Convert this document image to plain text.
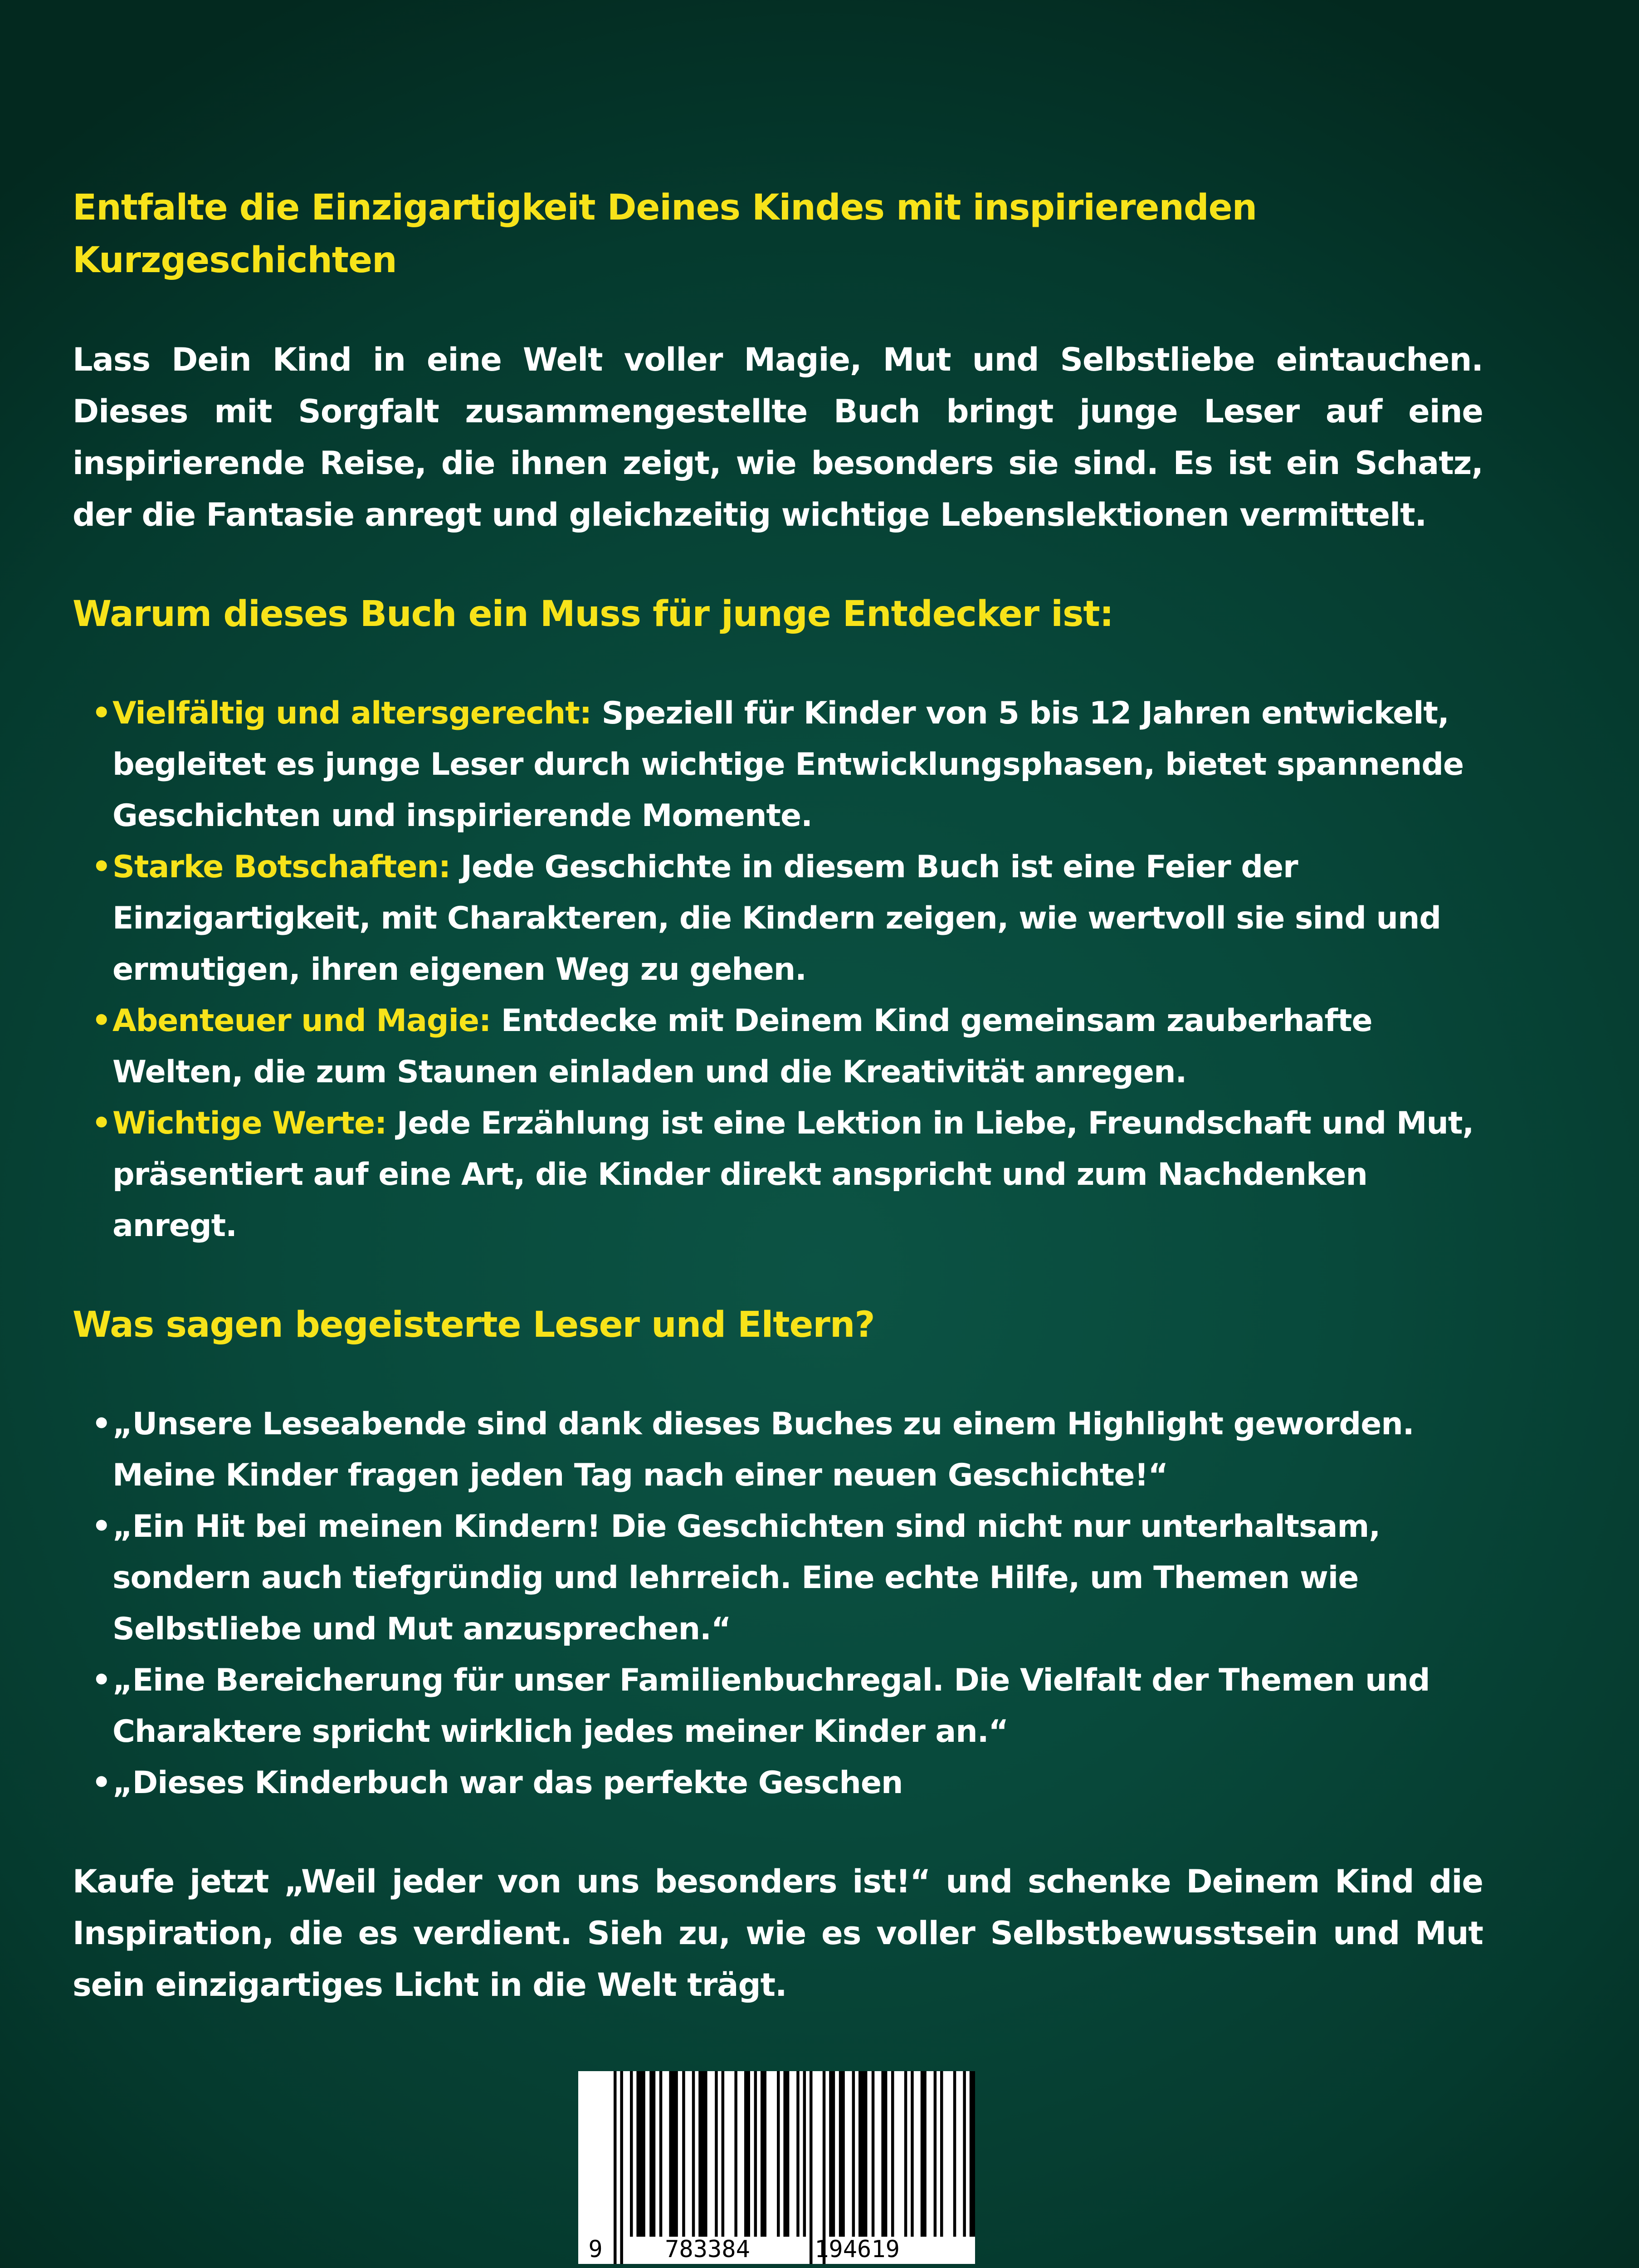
Entfalte die Einzigartigkeit Deines Kindes mit inspirierenden Kurzgeschichten

Lass Dein Kind in eine Welt voller Magie, Mut und Selbstliebe eintauchen. Dieses mit Sorgfalt zusammengestellte Buch bringt junge Leser auf eine inspirierende Reise, die ihnen zeigt, wie besonders sie sind. Es ist ein Schatz, der die Fantasie anregt und gleichzeitig wichtige Lebenslektionen vermittelt.

Warum dieses Buch ein Muss für junge Entdecker ist:
• Vielfältig und altersgerecht: Speziell für Kinder von 5 bis 12 Jahren entwickelt, begleitet es junge Leser durch wichtige Entwicklungsphasen, bietet spannende Geschichten und inspirierende Momente.
• Starke Botschaften: Jede Geschichte in diesem Buch ist eine Feier der Einzigartigkeit, mit Charakteren, die Kindern zeigen, wie wertvoll sie sind und ermutigen, ihren eigenen Weg zu gehen.
• Abenteuer und Magie: Entdecke mit Deinem Kind gemeinsam zauberhafte Welten, die zum Staunen einladen und die Kreativität anregen.
• Wichtige Werte: Jede Erzählung ist eine Lektion in Liebe, Freundschaft und Mut, präsentiert auf eine Art, die Kinder direkt anspricht und zum Nachdenken anregt.
Was sagen begeisterte Leser und Eltern?
• „Unsere Leseabende sind dank dieses Buches zu einem Highlight geworden. Meine Kinder fragen jeden Tag nach einer neuen Geschichte!“
• „Ein Hit bei meinen Kindern! Die Geschichten sind nicht nur unterhaltsam, sondern auch tiefgründig und lehrreich. Eine echte Hilfe, um Themen wie Selbstliebe und Mut anzusprechen.“
• „Eine Bereicherung für unser Familienbuchregal. Die Vielfalt der Themen und Charaktere spricht wirklich jedes meiner Kinder an.“
• „Dieses Kinderbuch war das perfekte Geschen

Kaufe jetzt „Weil jeder von uns besonders ist!“ und schenke Deinem Kind die Inspiration, die es verdient. Sieh zu, wie es voller Selbstbewusstsein und Mut sein einzigartiges Licht in die Welt trägt.

9	783384	194619
